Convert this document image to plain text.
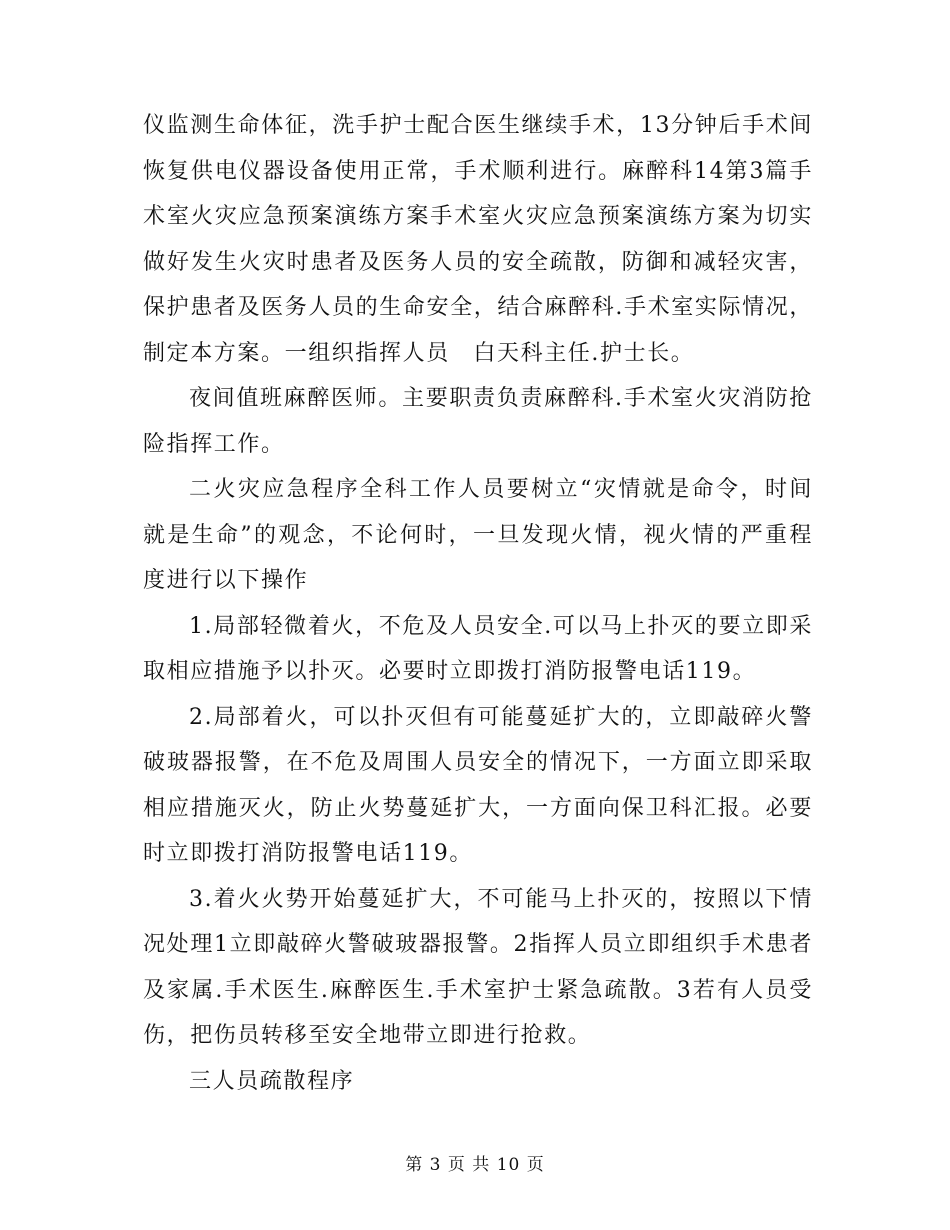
仪监测生命体征，洗手护士配合医生继续手术，13分钟后手术间恢复供电仪器设备使用正常，手术顺利进行。麻醉科14第3篇手术室火灾应急预案演练方案手术室火灾应急预案演练方案为切实做好发生火灾时患者及医务人员的安全疏散，防御和减轻灾害，保护患者及医务人员的生命安全，结合麻醉科.手术室实际情况，制定本方案。一组织指挥人员　白天科主任.护士长。

夜间值班麻醉医师。主要职责负责麻醉科.手术室火灾消防抢险指挥工作。

二火灾应急程序全科工作人员要树立“灾情就是命令，时间就是生命”的观念，不论何时，一旦发现火情，视火情的严重程度进行以下操作

1.局部轻微着火，不危及人员安全.可以马上扑灭的要立即采取相应措施予以扑灭。必要时立即拨打消防报警电话119。

2.局部着火，可以扑灭但有可能蔓延扩大的，立即敲碎火警破玻器报警，在不危及周围人员安全的情况下，一方面立即采取相应措施灭火，防止火势蔓延扩大，一方面向保卫科汇报。必要时立即拨打消防报警电话119。

3.着火火势开始蔓延扩大，不可能马上扑灭的，按照以下情况处理1立即敲碎火警破玻器报警。2指挥人员立即组织手术患者及家属.手术医生.麻醉医生.手术室护士紧急疏散。3若有人员受伤，把伤员转移至安全地带立即进行抢救。

三人员疏散程序

第 3 页 共 10 页
